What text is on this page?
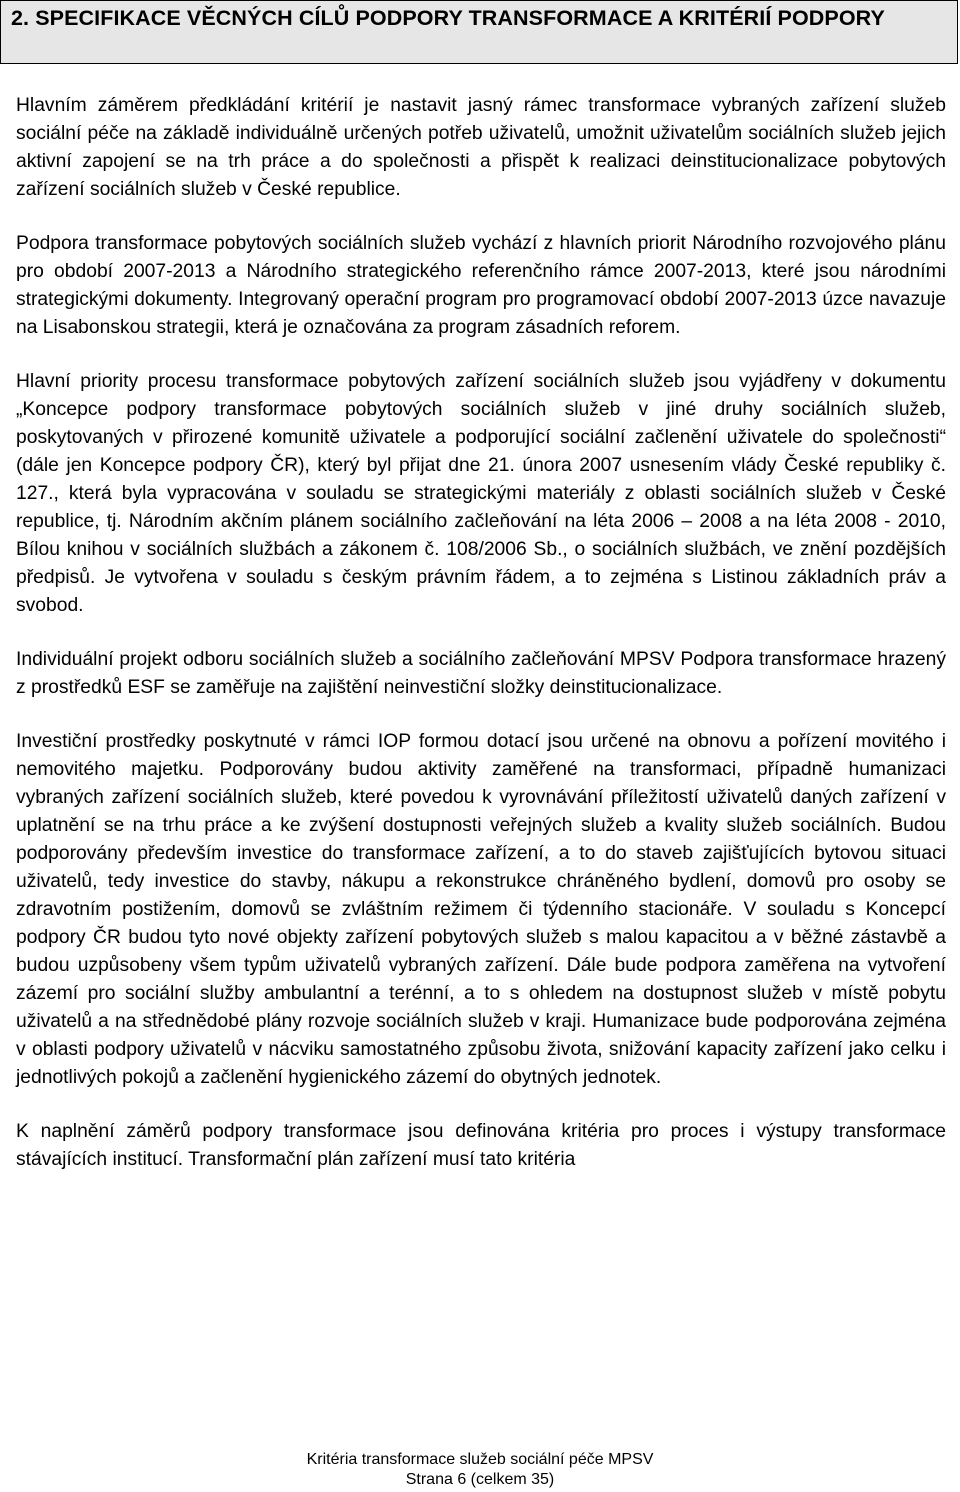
2. SPECIFIKACE VĚCNÝCH CÍLŮ PODPORY TRANSFORMACE A KRITÉRIÍ PODPORY

Hlavním záměrem předkládání kritérií je nastavit jasný rámec transformace vybraných zařízení služeb sociální péče na základě individuálně určených potřeb uživatelů, umožnit uživatelům sociálních služeb jejich aktivní zapojení se na trh práce a do společnosti a přispět k realizaci deinstitucionalizace pobytových zařízení sociálních služeb v České republice.

Podpora transformace pobytových sociálních služeb vychází z hlavních priorit Národního rozvojového plánu pro období 2007-2013 a Národního strategického referenčního rámce 2007-2013, které jsou národními strategickými dokumenty. Integrovaný operační program pro programovací období 2007-2013 úzce navazuje na Lisabonskou strategii, která je označována za program zásadních reforem.

Hlavní priority procesu transformace pobytových zařízení sociálních služeb jsou vyjádřeny v dokumentu „Koncepce podpory transformace pobytových sociálních služeb v jiné druhy sociálních služeb, poskytovaných v přirozené komunitě uživatele a podporující sociální začlenění uživatele do společnosti“ (dále jen Koncepce podpory ČR), který byl přijat dne 21. února 2007 usnesením vlády České republiky č. 127., která byla vypracována v souladu se strategickými materiály z oblasti sociálních služeb v České republice, tj. Národním akčním plánem sociálního začleňování na léta 2006 – 2008 a na léta 2008 - 2010, Bílou knihou v sociálních službách a zákonem č. 108/2006 Sb., o sociálních službách, ve znění pozdějších předpisů. Je vytvořena v souladu s českým právním řádem, a to zejména s Listinou základních práv a svobod.

Individuální projekt odboru sociálních služeb a sociálního začleňování MPSV Podpora transformace hrazený z prostředků ESF se zaměřuje na zajištění neinvestiční složky deinstitucionalizace.

Investiční prostředky poskytnuté v rámci IOP formou dotací jsou určené na obnovu a pořízení movitého i nemovitého majetku. Podporovány budou aktivity zaměřené na transformaci, případně humanizaci vybraných zařízení sociálních služeb, které povedou k vyrovnávání příležitostí uživatelů daných zařízení v uplatnění se na trhu práce a ke zvýšení dostupnosti veřejných služeb a kvality služeb sociálních. Budou podporovány především investice do transformace zařízení, a to do staveb zajišťujících bytovou situaci uživatelů, tedy investice do stavby, nákupu a rekonstrukce chráněného bydlení, domovů pro osoby se zdravotním postižením, domovů se zvláštním režimem či týdenního stacionáře. V souladu s Koncepcí podpory ČR budou tyto nové objekty zařízení pobytových služeb s malou kapacitou a v běžné zástavbě a budou uzpůsobeny všem typům uživatelů vybraných zařízení. Dále bude podpora zaměřena na vytvoření zázemí pro sociální služby ambulantní a terénní, a to s ohledem na dostupnost služeb v místě pobytu uživatelů a na střednědobé plány rozvoje sociálních služeb v kraji. Humanizace bude podporována zejména v oblasti podpory uživatelů v nácviku samostatného způsobu života, snižování kapacity zařízení jako celku i jednotlivých pokojů a začlenění hygienického zázemí do obytných jednotek.

K naplnění záměrů podpory transformace jsou definována kritéria pro proces i výstupy transformace stávajících institucí. Transformační plán zařízení musí tato kritéria

Kritéria transformace služeb sociální péče MPSV
Strana 6 (celkem 35)
